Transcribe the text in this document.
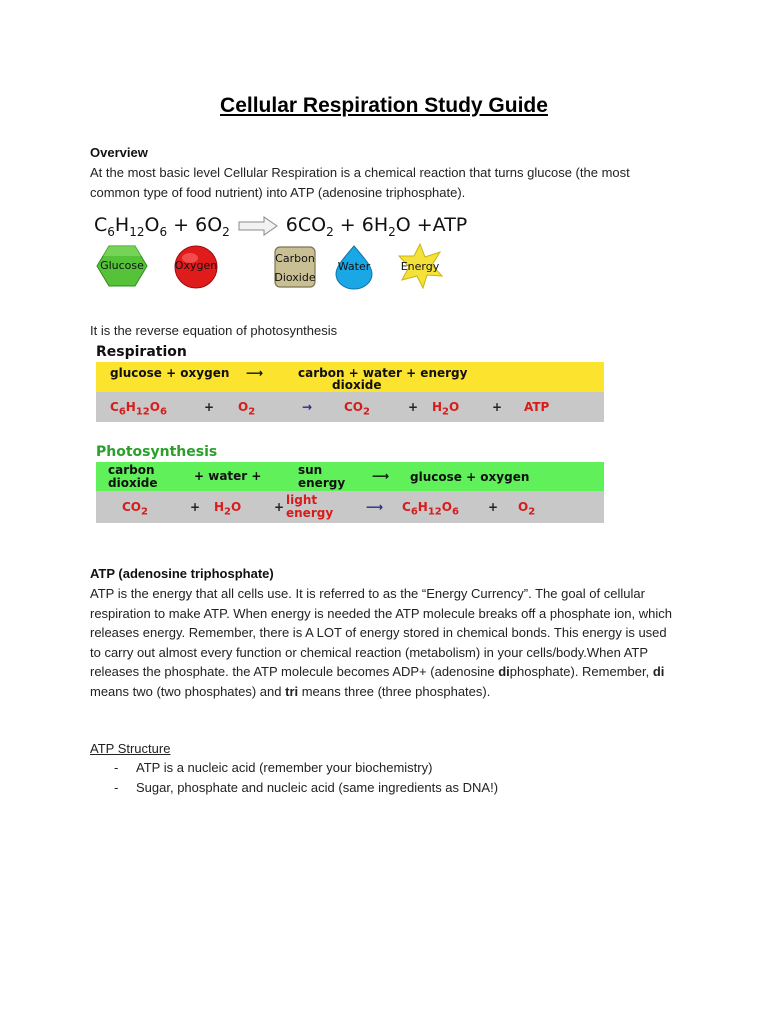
Cellular Respiration Study Guide
Overview
At the most basic level Cellular Respiration is a chemical reaction that turns glucose (the most common type of food nutrient) into ATP (adenosine triphosphate).
$C_6H_{12}O_6 + 6O_2 \to 6CO_2 + 6H_2O +ATP$
Glucose	Oxygen
Carbon Dioxide
Water	Energy
It is the reverse equation of photosynthesis
Respiration
glucose + oxygen ⟶	carbon + water + energy
dioxide
$C_6H_{12}O_6$	+ $O_2$	→	$CO_2$	+ $H_2O$	+ ATP
Photosynthesis
carbon
dioxide	+ water +	sun
energy ⟶ glucose + oxygen
$CO_2$	+ $H_2O$	+ light
energy	⟶ $C_6H_{12}O_6 + O_2$
ATP (adenosine triphosphate)
ATP is the energy that all cells use. It is referred to as the “Energy Currency”. The goal of cellular respiration to make ATP. When energy is needed the ATP molecule breaks off a phosphate ion, which releases energy. Remember, there is A LOT of energy stored in chemical bonds. This energy is used to carry out almost every function or chemical reaction (metabolism) in your cells/body.When ATP releases the phosphate. the ATP molecule becomes ADP+ (adenosine diphosphate). Remember, di means two (two phosphates) and tri means three (three phosphates).
ATP Structure
- ATP is a nucleic acid (remember your biochemistry)
- Sugar, phosphate and nucleic acid (same ingredients as DNA!)
